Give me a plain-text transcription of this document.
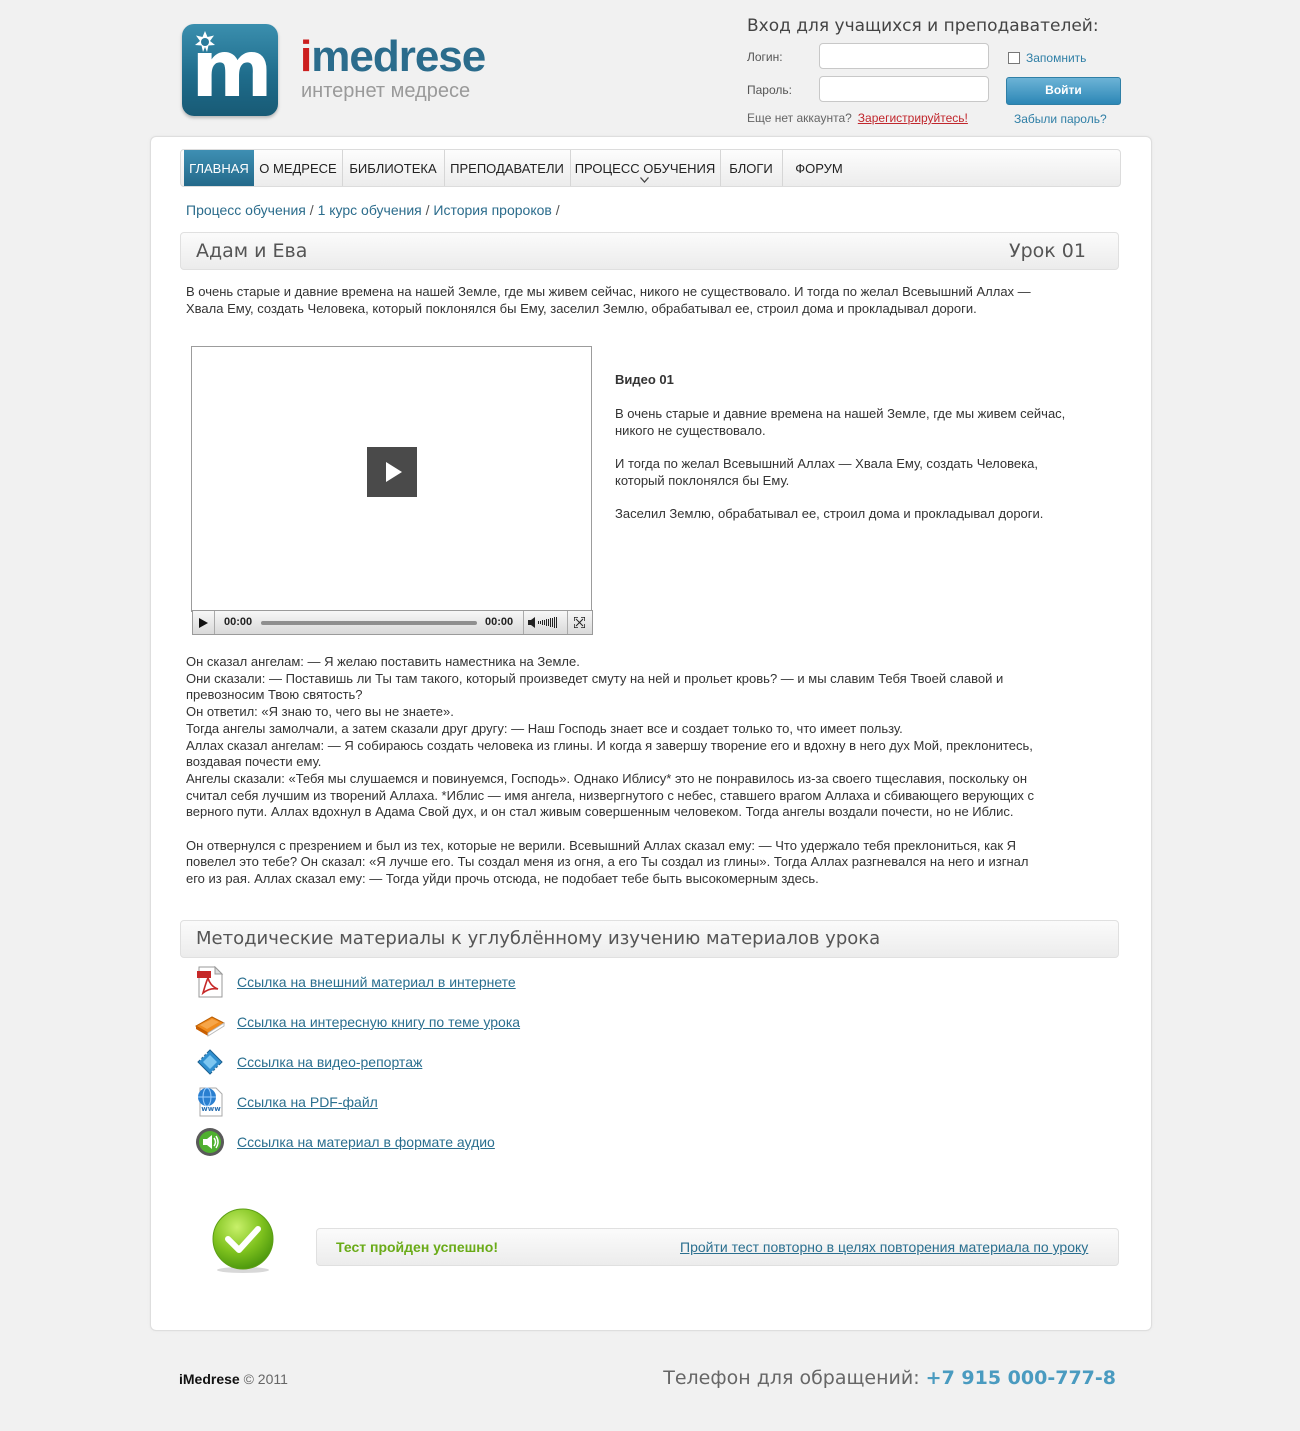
m imedrese
интернет медресе
Вход для учащихся и преподавателей:
Логин:
Пароль:
Запомнить
Войти
Еще нет аккаунта? Зарегистрируйтесь!	Забыли пароль?
ГЛАВНАЯ О МЕДРЕСЕ БИБЛИОТЕКА	ПРЕПОДАВАТЕЛИ ПРОЦЕСС ОБУЧЕНИЯ	БЛОГИ	ФОРУМ
Процесс обучения / 1 курс обучения / История пророков /
Адам и Ева	Урок 01

В очень старые и давние времена на нашей Земле, где мы живем сейчас, никого не существовало. И тогда по желал Всевышний Аллах —

Хвала Ему, создать Человека, который поклонялся бы Ему, заселил Землю, обрабатывал ее, строил дома и прокладывал дороги.

00:00	00:00
Видео 01

В очень старые и давние времена на нашей Земле, где мы живем сейчас,

никого не существовало.

И тогда по желал Всевышний Аллах — Хвала Ему, создать Человека,

который поклонялся бы Ему.

Заселил Землю, обрабатывал ее, строил дома и прокладывал дороги.

Он сказал ангелам: — Я желаю поставить наместника на Земле.

Они сказали: — Поставишь ли Ты там такого, который произведет смуту на ней и прольет кровь? — и мы славим Тебя Твоей славой и

превозносим Твою святость?

Он ответил: «Я знаю то, чего вы не знаете».

Тогда ангелы замолчали, а затем сказали друг другу: — Наш Господь знает все и создает только то, что имеет пользу.

Аллах сказал ангелам: — Я собираюсь создать человека из глины. И когда я завершу творение его и вдохну в него дух Мой, преклонитесь,

воздавая почести ему.

Ангелы сказали: «Тебя мы слушаемся и повинуемся, Господь». Однако Иблису* это не понравилось из-за своего тщеславия, поскольку он

считал себя лучшим из творений Аллаха. *Иблис — имя ангела, низвергнутого с небес, ставшего врагом Аллаха и сбивающего верующих с

верного пути. Аллах вдохнул в Адама Свой дух, и он стал живым совершенным человеком. Тогда ангелы воздали почести, но не Иблис.

Он отвернулся с презрением и был из тех, которые не верили. Всевышний Аллах сказал ему: — Что удержало тебя преклониться, как Я

повелел это тебе? Он сказал: «Я лучше его. Ты создал меня из огня, а его Ты создал из глины». Тогда Аллах разгневался на него и изгнал

его из рая. Аллах сказал ему: — Тогда уйди прочь отсюда, не подобает тебе быть высокомерным здесь.

Методические материалы к углублённому изучению материалов урока
Ссылка на внешний материал в интернете
Ссылка на интересную книгу по теме урока
Сссылка на видео-репортаж
www Ссылка на PDF-файл
Сссылка на материал в формате аудио
Тест пройден успешно!	Пройти тест повторно в целях повторения материала по уроку
iMedrese © 2011	Телефон для обращений: +7 915 000-777-8
